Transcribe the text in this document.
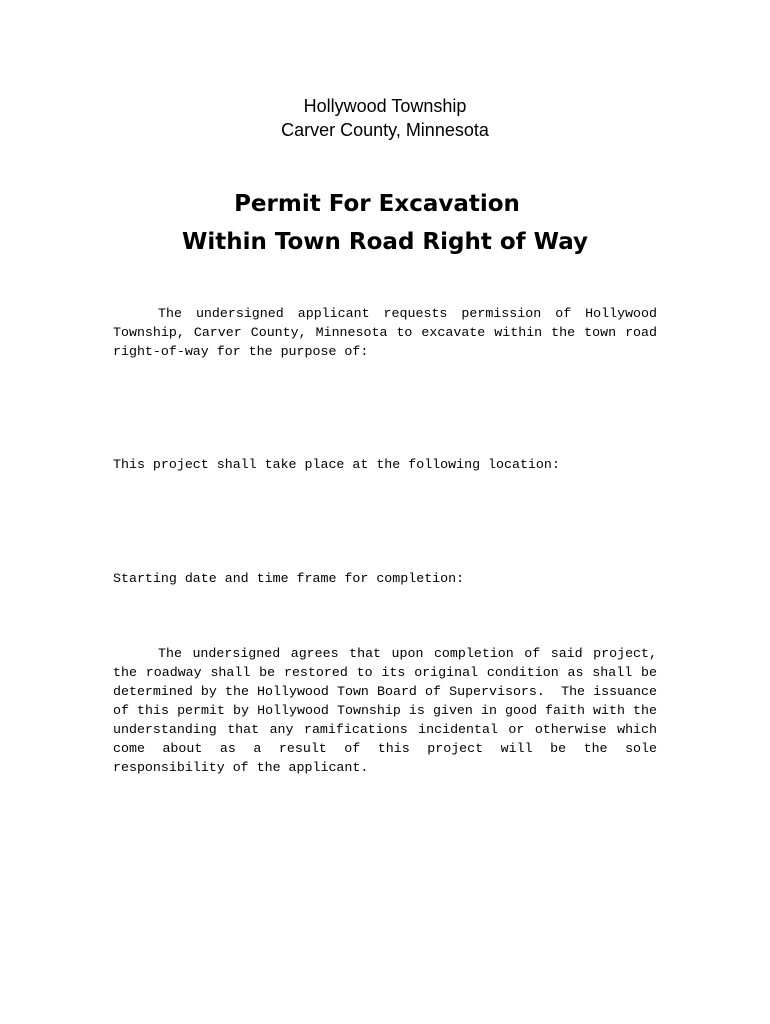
Hollywood Township
Carver County, Minnesota
Permit For Excavation
Within Town Road Right of Way

The undersigned applicant requests permission of Hollywood Township, Carver County, Minnesota to excavate within the town road right-of-way for the purpose of:

This project shall take place at the following location:

Starting date and time frame for completion:

The undersigned agrees that upon completion of said project, the roadway shall be restored to its original condition as shall be determined by the Hollywood Town Board of Supervisors.  The issuance of this permit by Hollywood Township is given in good faith with the understanding that any ramifications incidental or otherwise which come about as a result of this project will be the sole responsibility of the applicant.
